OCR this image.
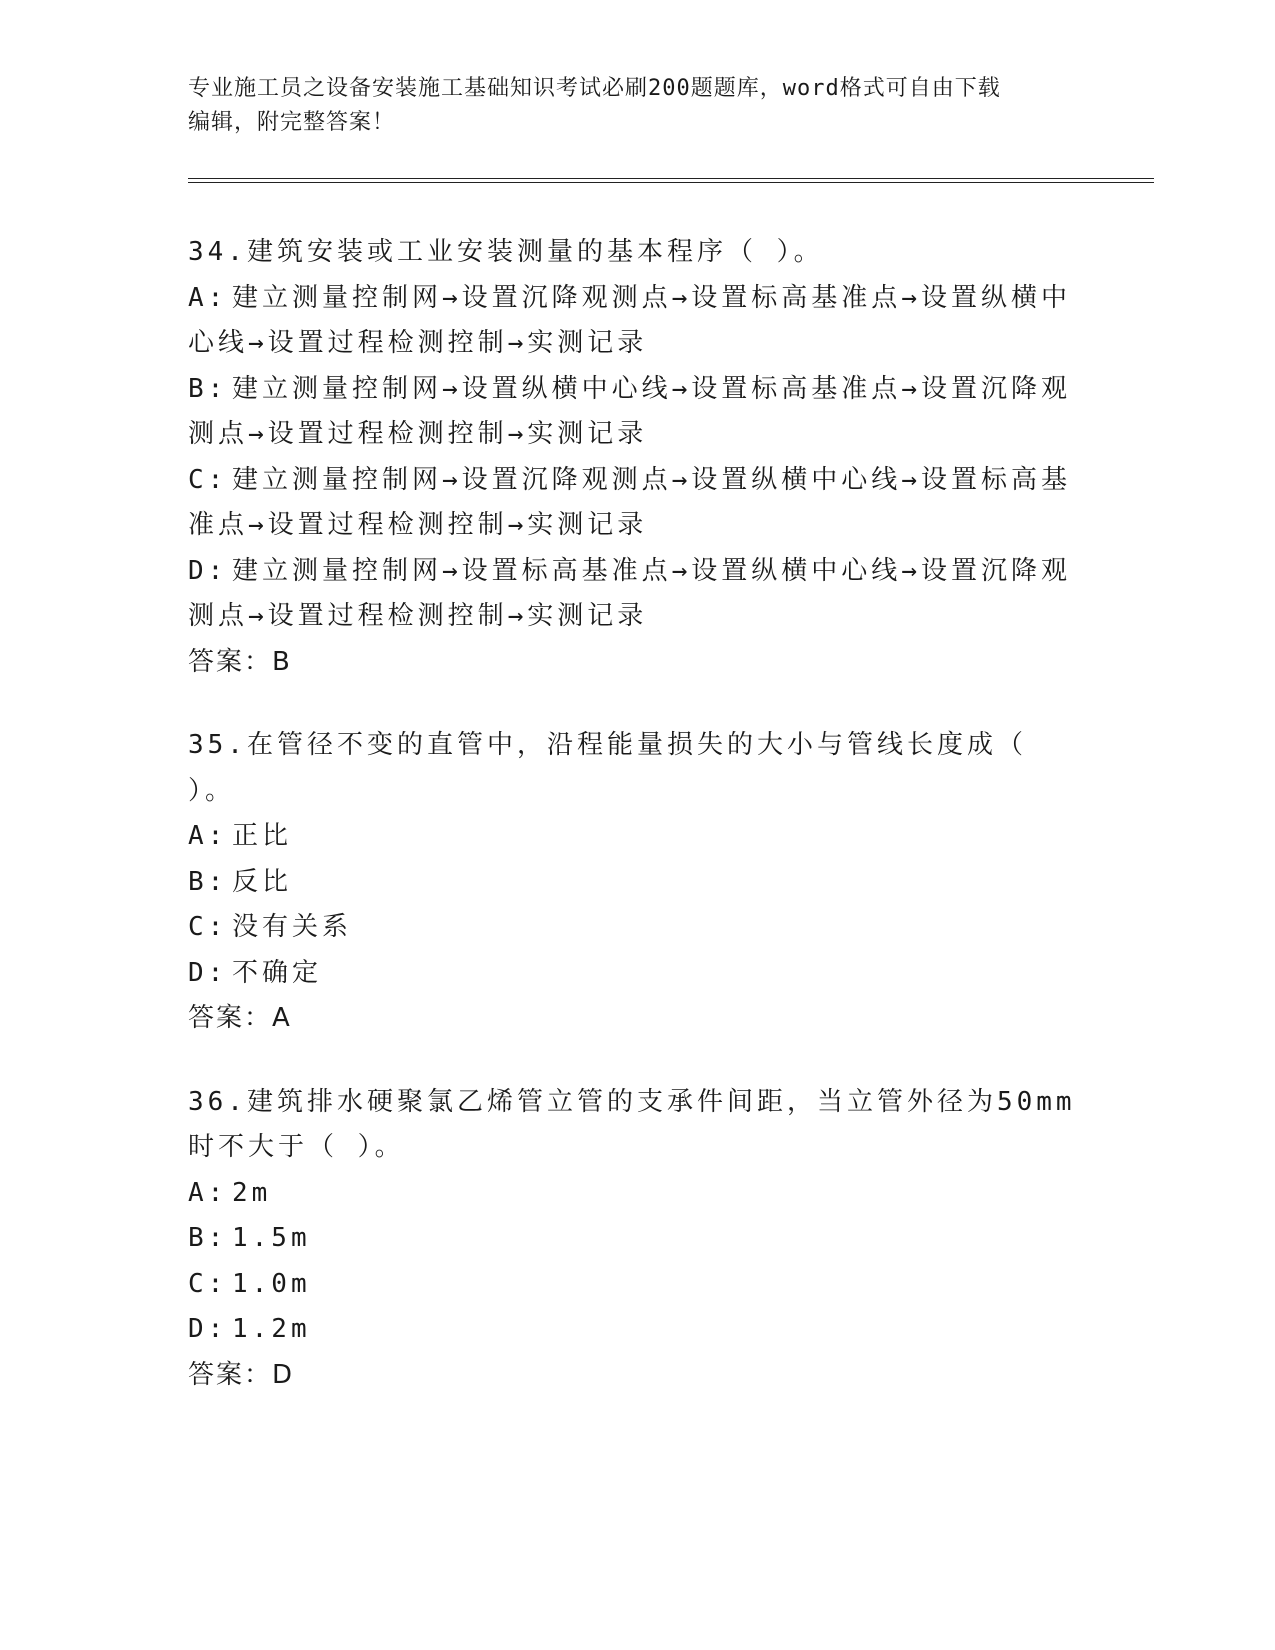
专业施工员之设备安装施工基础知识考试必刷200题题库，word格式可自由下载
编辑，附完整答案！
34.建筑安装或工业安装测量的基本程序（ ）。
A: 建立测量控制网→设置沉降观测点→设置标高基准点→设置纵横中心线→设置过程检测控制→实测记录
B: 建立测量控制网→设置纵横中心线→设置标高基准点→设置沉降观测点→设置过程检测控制→实测记录
C: 建立测量控制网→设置沉降观测点→设置纵横中心线→设置标高基准点→设置过程检测控制→实测记录
D: 建立测量控制网→设置标高基准点→设置纵横中心线→设置沉降观测点→设置过程检测控制→实测记录
答案：B
35.在管径不变的直管中，沿程能量损失的大小与管线长度成（ ）。
A: 正比
B: 反比
C: 没有关系
D: 不确定
答案：A
36.建筑排水硬聚氯乙烯管立管的支承件间距，当立管外径为50mm时不大于（ ）。
A: 2m
B: 1.5m
C: 1.0m
D: 1.2m
答案：D
